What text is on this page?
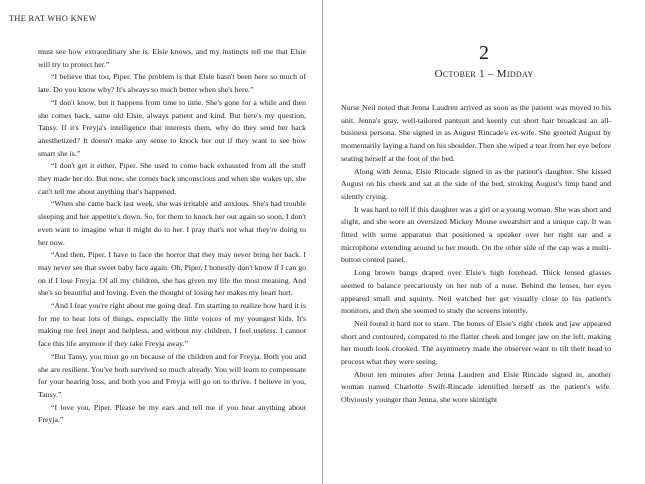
THE RAT WHO KNEW

must see how extraordinary she is. Elsie knows, and my instincts tell me that Elsie will try to protect her.”

“I believe that too, Piper. The problem is that Elsie hasn't been here so much of late. Do you know why? It's always so much better when she's here.”

“I don't know, but it happens from time to time. She's gone for a while and then she comes back, same old Elsie, always patient and kind. But here's my question, Tansy. If it's Freyja's intelligence that interests them, why do they send her back anesthetized? It doesn't make any sense to knock her out if they want to see how smart she is.”

“I don't get it either, Piper. She used to come back exhausted from all the stuff they made her do. But now, she comes back unconscious and when she wakes up, she can't tell me about anything that's happened.

“When she came back last week, she was irritable and anxious. She's had trouble sleeping and her appetite's down. So, for them to knock her out again so soon, I don't even want to imagine what it might do to her. I pray that's not what they're doing to her now.

“And then, Piper, I have to face the horror that they may never bring her back. I may never see that sweet baby face again. Oh, Piper, I honestly don't know if I can go on if I lose Freyja. Of all my children, she has given my life the most meaning. And she's so beautiful and loving. Even the thought of losing her makes my heart hurt.

“And I fear you're right about me going deaf. I'm starting to realize how hard it is for me to hear lots of things, especially the little voices of my youngest kids. It's making me feel inept and helpless, and without my children, I feel useless. I cannot face this life anymore if they take Freyja away.”

“But Tansy, you must go on because of the children and for Freyja. Both you and she are resilient. You've both survived so much already. You will learn to compensate for your hearing loss, and both you and Freyja will go on to thrive. I believe in you, Tansy.”

“I love you, Piper. Please be my ears and tell me if you hear anything about Freyja.”

2
October 1 – Midday

Nurse Neil noted that Jenna Laudren arrived as soon as the patient was moved to his unit. Jenna's gray, well-tailored pantsuit and keenly cut short hair broadcast an all-business persona. She signed in as August Rincade's ex-wife. She greeted August by momentarily laying a hand on his shoulder. Then she wiped a tear from her eye before seating herself at the foot of the bed.

Along with Jenna, Elsie Rincade signed in as the patient's daughter. She kissed August on his cheek and sat at the side of the bed, stroking August's limp hand and silently crying.

It was hard to tell if this daughter was a girl or a young woman. She was short and slight, and she wore an oversized Mickey Mouse sweatshirt and a unique cap. It was fitted with some apparatus that positioned a speaker over her right ear and a microphone extending around to her mouth. On the other side of the cap was a multi-button control panel.

Long brown bangs draped over Elsie's high forehead. Thick lensed glasses seemed to balance precariously on her nub of a nose. Behind the lenses, her eyes appeared small and squinty. Neil watched her get visually close to his patient's monitors, and then she seemed to study the screens intently.

Neil found it hard not to stare. The bones of Elsie's right cheek and jaw appeared short and contoured, compared to the flatter cheek and longer jaw on the left, making her mouth look crooked. The asymmetry made the observer want to tilt their head to process what they were seeing.

About ten minutes after Jenna Laudren and Elsie Rincade signed in, another woman named Charlotte Swift-Rincade identified herself as the patient's wife. Obviously younger than Jenna, she wore skintight
